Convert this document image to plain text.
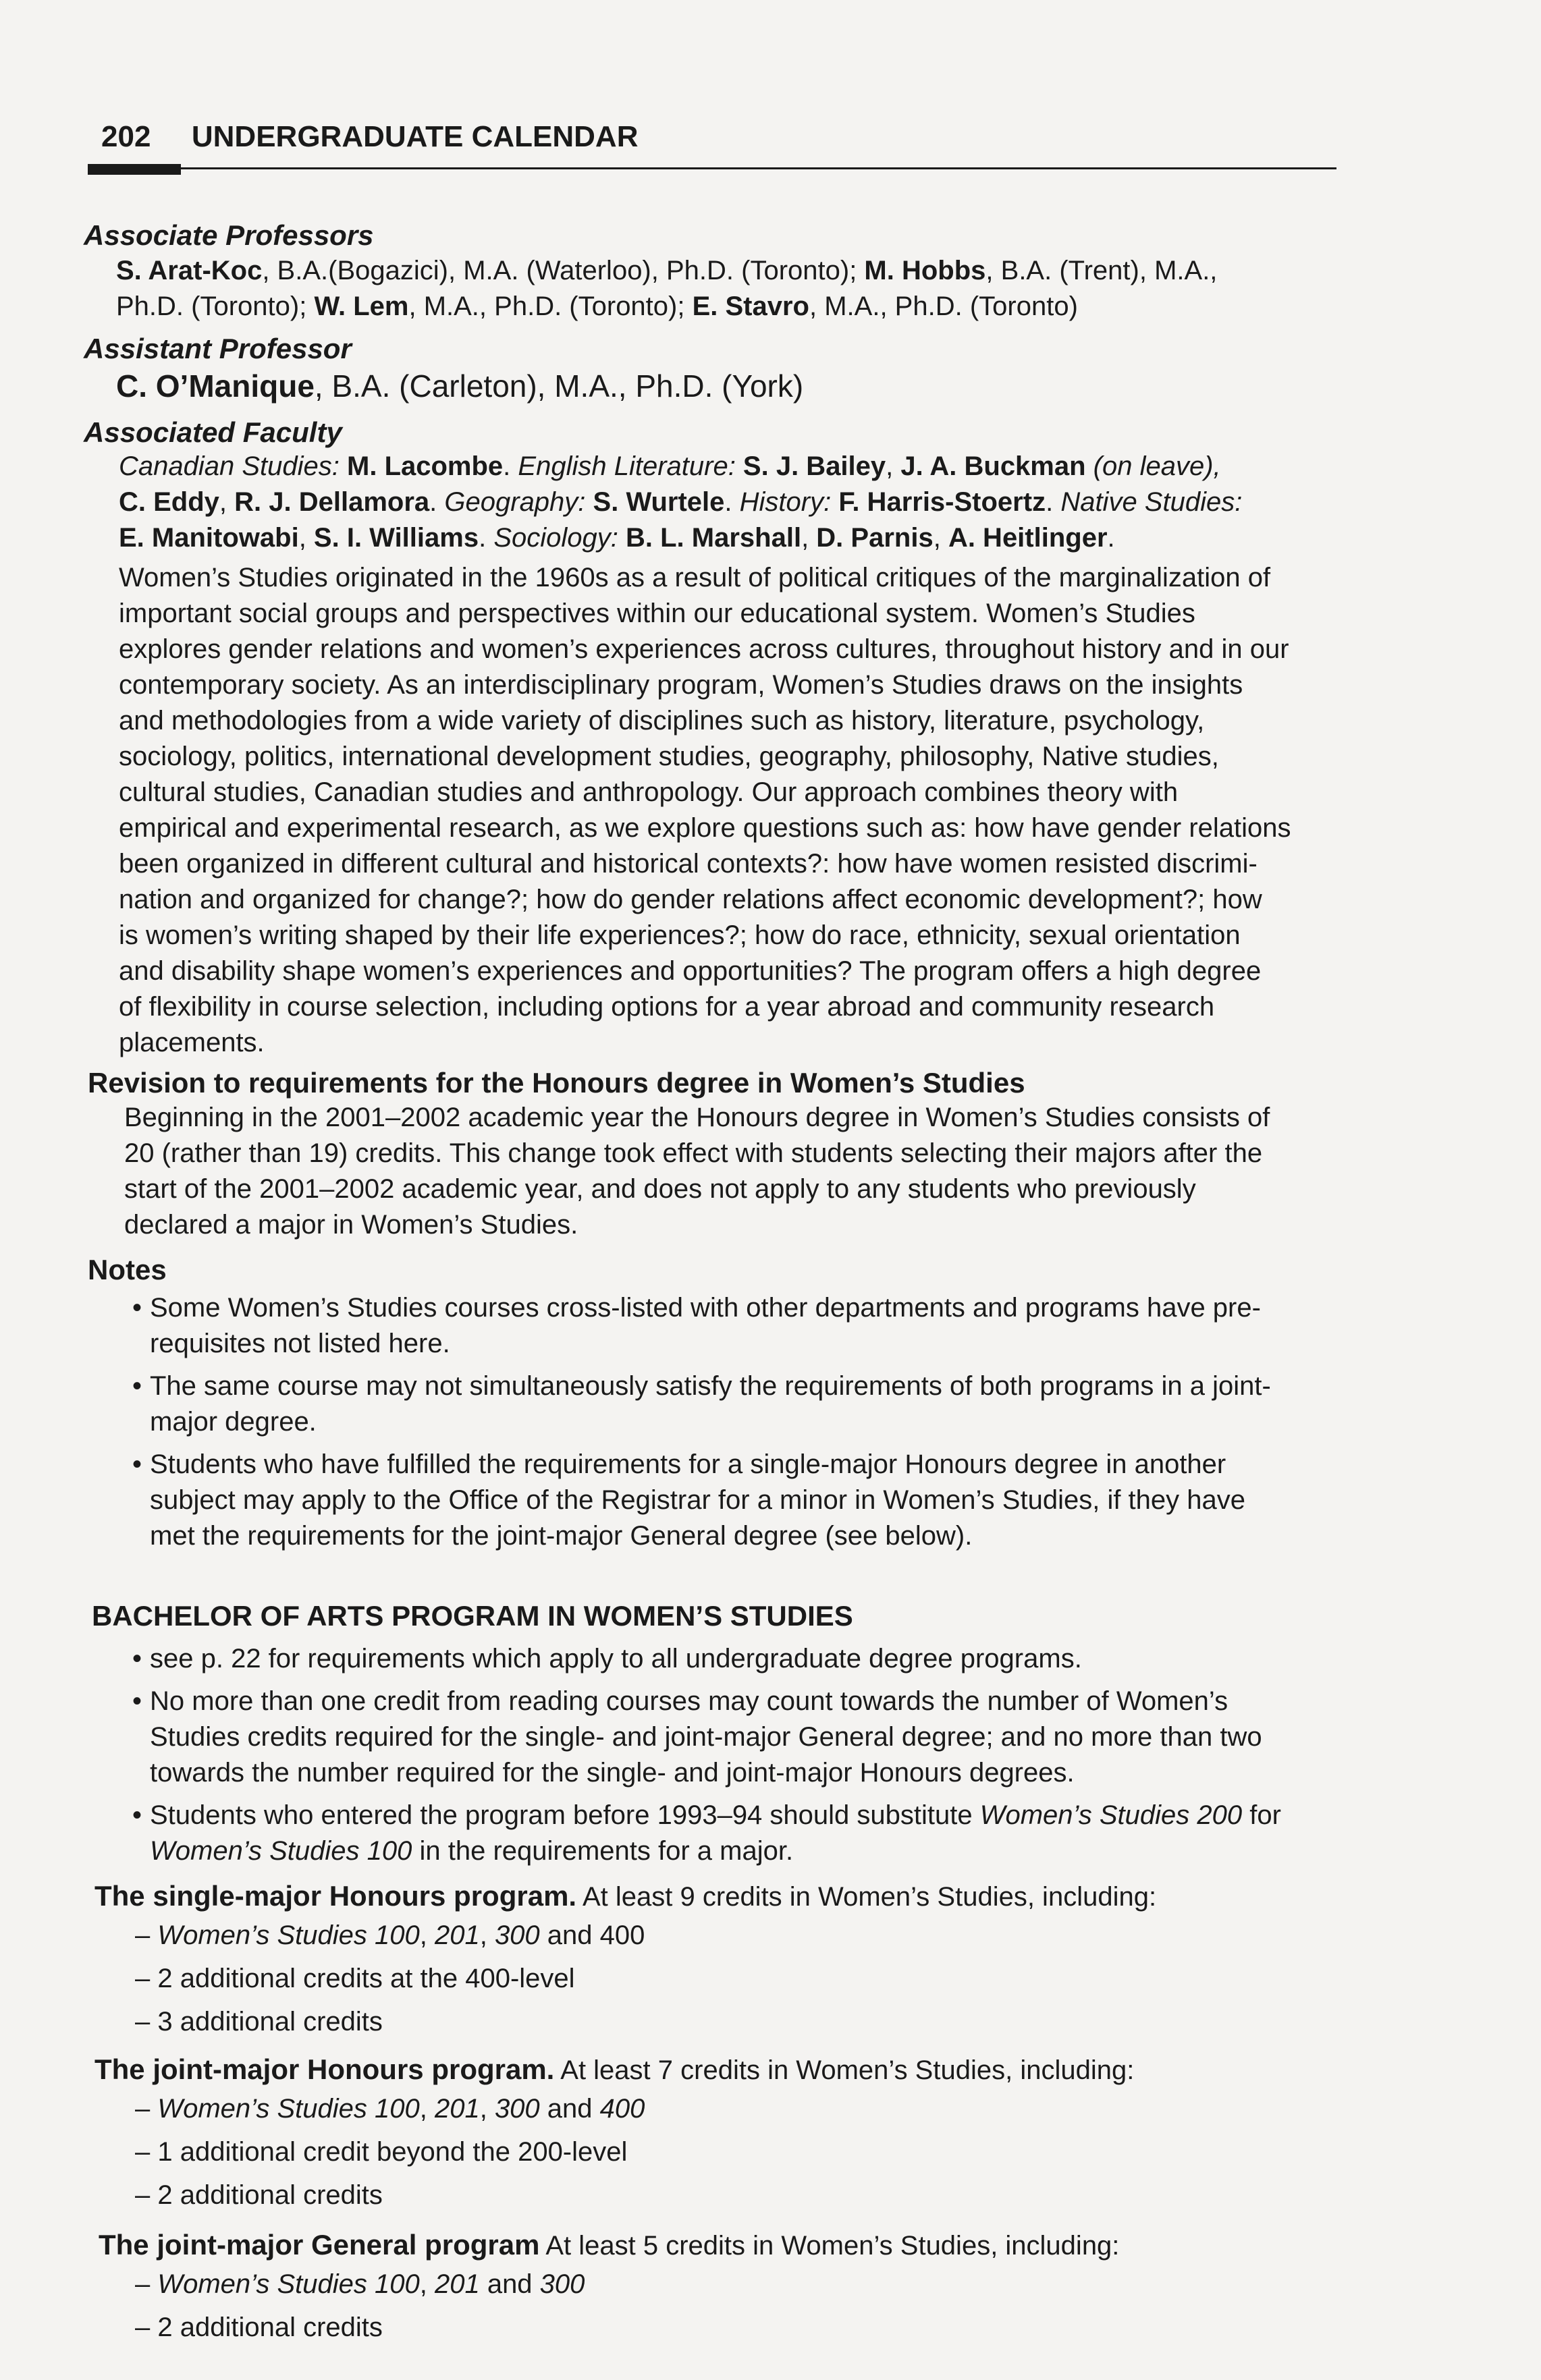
202 UNDERGRADUATE CALENDAR
Associate Professors
S. Arat-Koc, B.A.(Bogazici), M.A. (Waterloo), Ph.D. (Toronto); M. Hobbs, B.A. (Trent), M.A.,
Ph.D. (Toronto); W. Lem, M.A., Ph.D. (Toronto); E. Stavro, M.A., Ph.D. (Toronto)
Assistant Professor
C. O’Manique, B.A. (Carleton), M.A., Ph.D. (York)
Associated Faculty
Canadian Studies: M. Lacombe. English Literature: S. J. Bailey, J. A. Buckman (on leave),
C. Eddy, R. J. Dellamora. Geography: S. Wurtele. History: F. Harris-Stoertz. Native Studies:
E. Manitowabi, S. I. Williams. Sociology: B. L. Marshall, D. Parnis, A. Heitlinger.
Women’s Studies originated in the 1960s as a result of political critiques of the marginalization of
important social groups and perspectives within our educational system. Women’s Studies
explores gender relations and women’s experiences across cultures, throughout history and in our
contemporary society. As an interdisciplinary program, Women’s Studies draws on the insights
and methodologies from a wide variety of disciplines such as history, literature, psychology,
sociology, politics, international development studies, geography, philosophy, Native studies,
cultural studies, Canadian studies and anthropology. Our approach combines theory with
empirical and experimental research, as we explore questions such as: how have gender relations
been organized in different cultural and historical contexts?: how have women resisted discrimi-
nation and organized for change?; how do gender relations affect economic development?; how
is women’s writing shaped by their life experiences?; how do race, ethnicity, sexual orientation
and disability shape women’s experiences and opportunities? The program offers a high degree
of flexibility in course selection, including options for a year abroad and community research
placements.
Revision to requirements for the Honours degree in Women’s Studies
Beginning in the 2001–2002 academic year the Honours degree in Women’s Studies consists of
20 (rather than 19) credits. This change took effect with students selecting their majors after the
start of the 2001–2002 academic year, and does not apply to any students who previously
declared a major in Women’s Studies.
Notes
• Some Women’s Studies courses cross-listed with other departments and programs have pre-
requisites not listed here.
• The same course may not simultaneously satisfy the requirements of both programs in a joint-
major degree.
• Students who have fulfilled the requirements for a single-major Honours degree in another
subject may apply to the Office of the Registrar for a minor in Women’s Studies, if they have
met the requirements for the joint-major General degree (see below).
BACHELOR OF ARTS PROGRAM IN WOMEN’S STUDIES
• see p. 22 for requirements which apply to all undergraduate degree programs.
• No more than one credit from reading courses may count towards the number of Women’s
Studies credits required for the single- and joint-major General degree; and no more than two
towards the number required for the single- and joint-major Honours degrees.
• Students who entered the program before 1993–94 should substitute Women’s Studies 200 for
Women’s Studies 100 in the requirements for a major.
The single-major Honours program. At least 9 credits in Women’s Studies, including:
– Women’s Studies 100, 201, 300 and 400
– 2 additional credits at the 400-level
– 3 additional credits
The joint-major Honours program. At least 7 credits in Women’s Studies, including:
– Women’s Studies 100, 201, 300 and 400
– 1 additional credit beyond the 200-level
– 2 additional credits
The joint-major General program At least 5 credits in Women’s Studies, including:
– Women’s Studies 100, 201 and 300
– 2 additional credits
